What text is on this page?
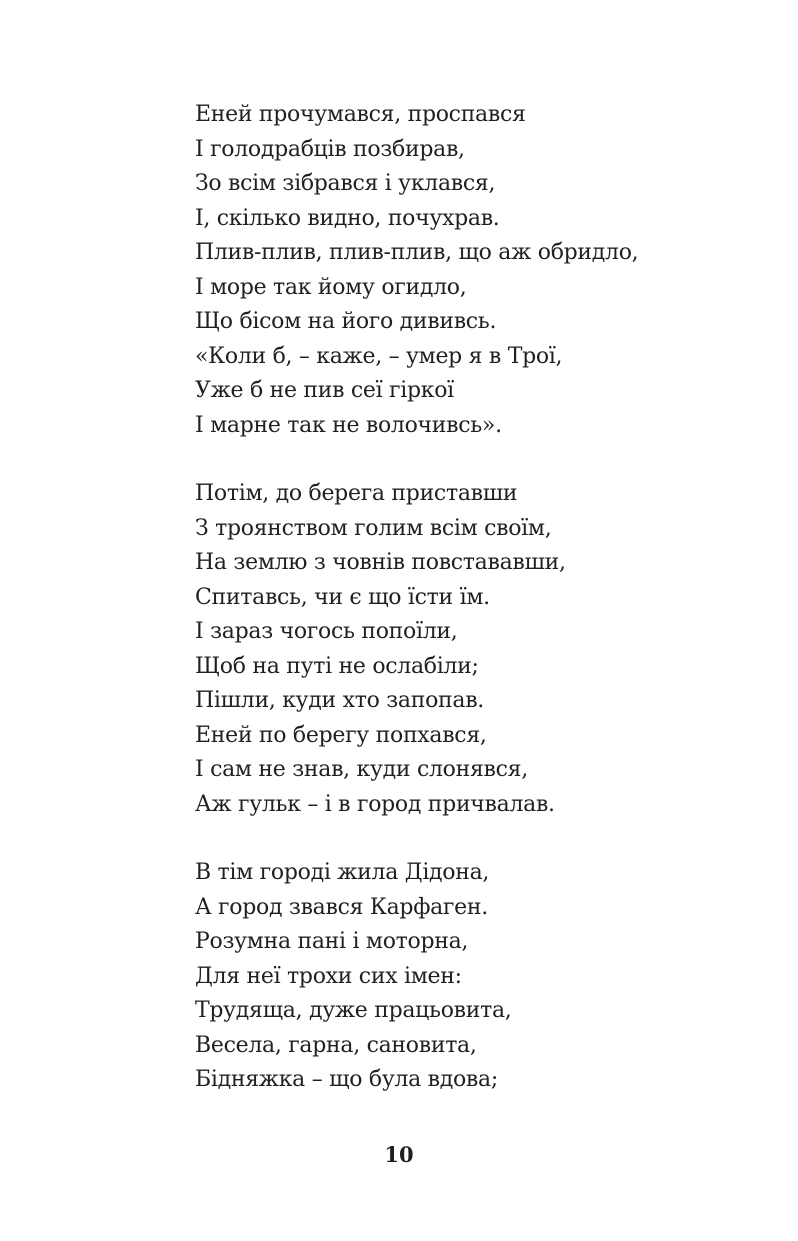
Еней прочумався, проспався
І голодрабців позбирав,
Зо всім зібрався і уклався,
І, скілько видно, почухрав.
Плив-плив, плив-плив, що аж обридло,
І море так йому огидло,
Що бісом на його дививсь.
«Коли б, – каже, – умер я в Трої,
Уже б не пив сеї гіркої
І марне так не волочивсь».
Потім, до берега приставши
З троянством голим всім своїм,
На землю з човнів повстававши,
Спитавсь, чи є що їсти їм.
І зараз чогось попоїли,
Щоб на путі не ослабіли;
Пішли, куди хто запопав.
Еней по берегу попхався,
І сам не знав, куди слонявся,
Аж гульк – і в город причвалав.
В тім городі жила Дідона,
А город звався Карфаген.
Розумна пані і моторна,
Для неї трохи сих імен:
Трудяща, дуже працьовита,
Весела, гарна, сановита,
Бідняжка – що була вдова;
10
